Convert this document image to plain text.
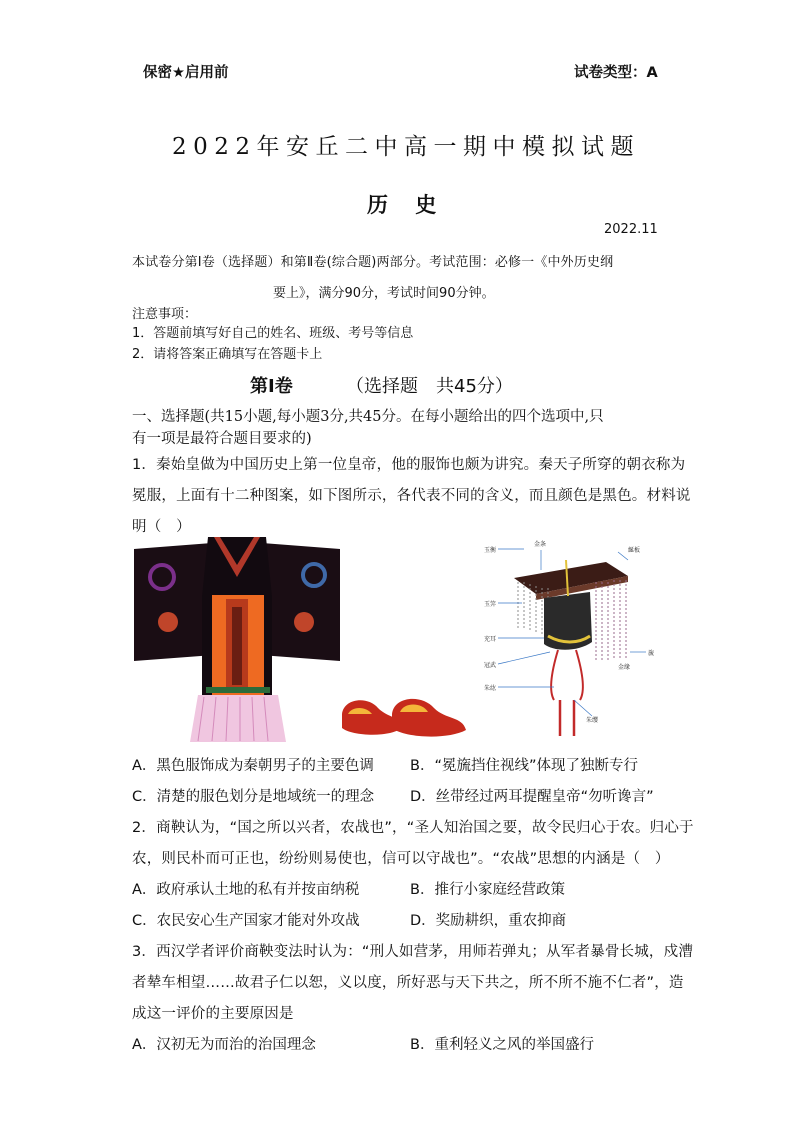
保密★启用前	试卷类型：A
2022年安丘二中高一期中模拟试题
历 史
2022.11
本试卷分第Ⅰ卷（选择题）和第Ⅱ卷(综合题)两部分。考试范围：必修一《中外历史纲
要上》，满分90分，考试时间90分钟。
注意事项：
1．答题前填写好自己的姓名、班级、考号等信息
2．请将答案正确填写在答题卡上
第Ⅰ卷	（选择题　共45分）
一、选择题(共15小题,每小题3分,共45分。在每小题给出的四个选项中,只
有一项是最符合题目要求的)
1．秦始皇做为中国历史上第一位皇帝，他的服饰也颇为讲究。秦天子所穿的朝衣称为
冕服，上面有十二种图案，如下图所示，各代表不同的含义，而且颜色是黑色。材料说
明（　）
玉衡
金条
綖板
玉笄
充耳
冠武
旒
金缘
朱纮
朱缨
A．黑色服饰成为秦朝男子的主要色调 B．“冕旒挡住视线”体现了独断专行
C．清楚的服色划分是地域统一的理念 D．丝带经过两耳提醒皇帝“勿听谗言”
2．商鞅认为，“国之所以兴者，农战也”，“圣人知治国之要，故令民归心于农。归心于
农，则民朴而可正也，纷纷则易使也，信可以守战也”。“农战”思想的内涵是（　）
A．政府承认土地的私有并按亩纳税	B．推行小家庭经营政策
C．农民安心生产国家才能对外攻战	D．奖励耕织，重农抑商
3．西汉学者评价商鞅变法时认为：“刑人如营茅，用师若弹丸；从军者暴骨长城，戍漕
者辇车相望……故君子仁以恕，义以度，所好恶与天下共之，所不所不施不仁者”，造
成这一评价的主要原因是
A．汉初无为而治的治国理念	B．重利轻义之风的举国盛行
